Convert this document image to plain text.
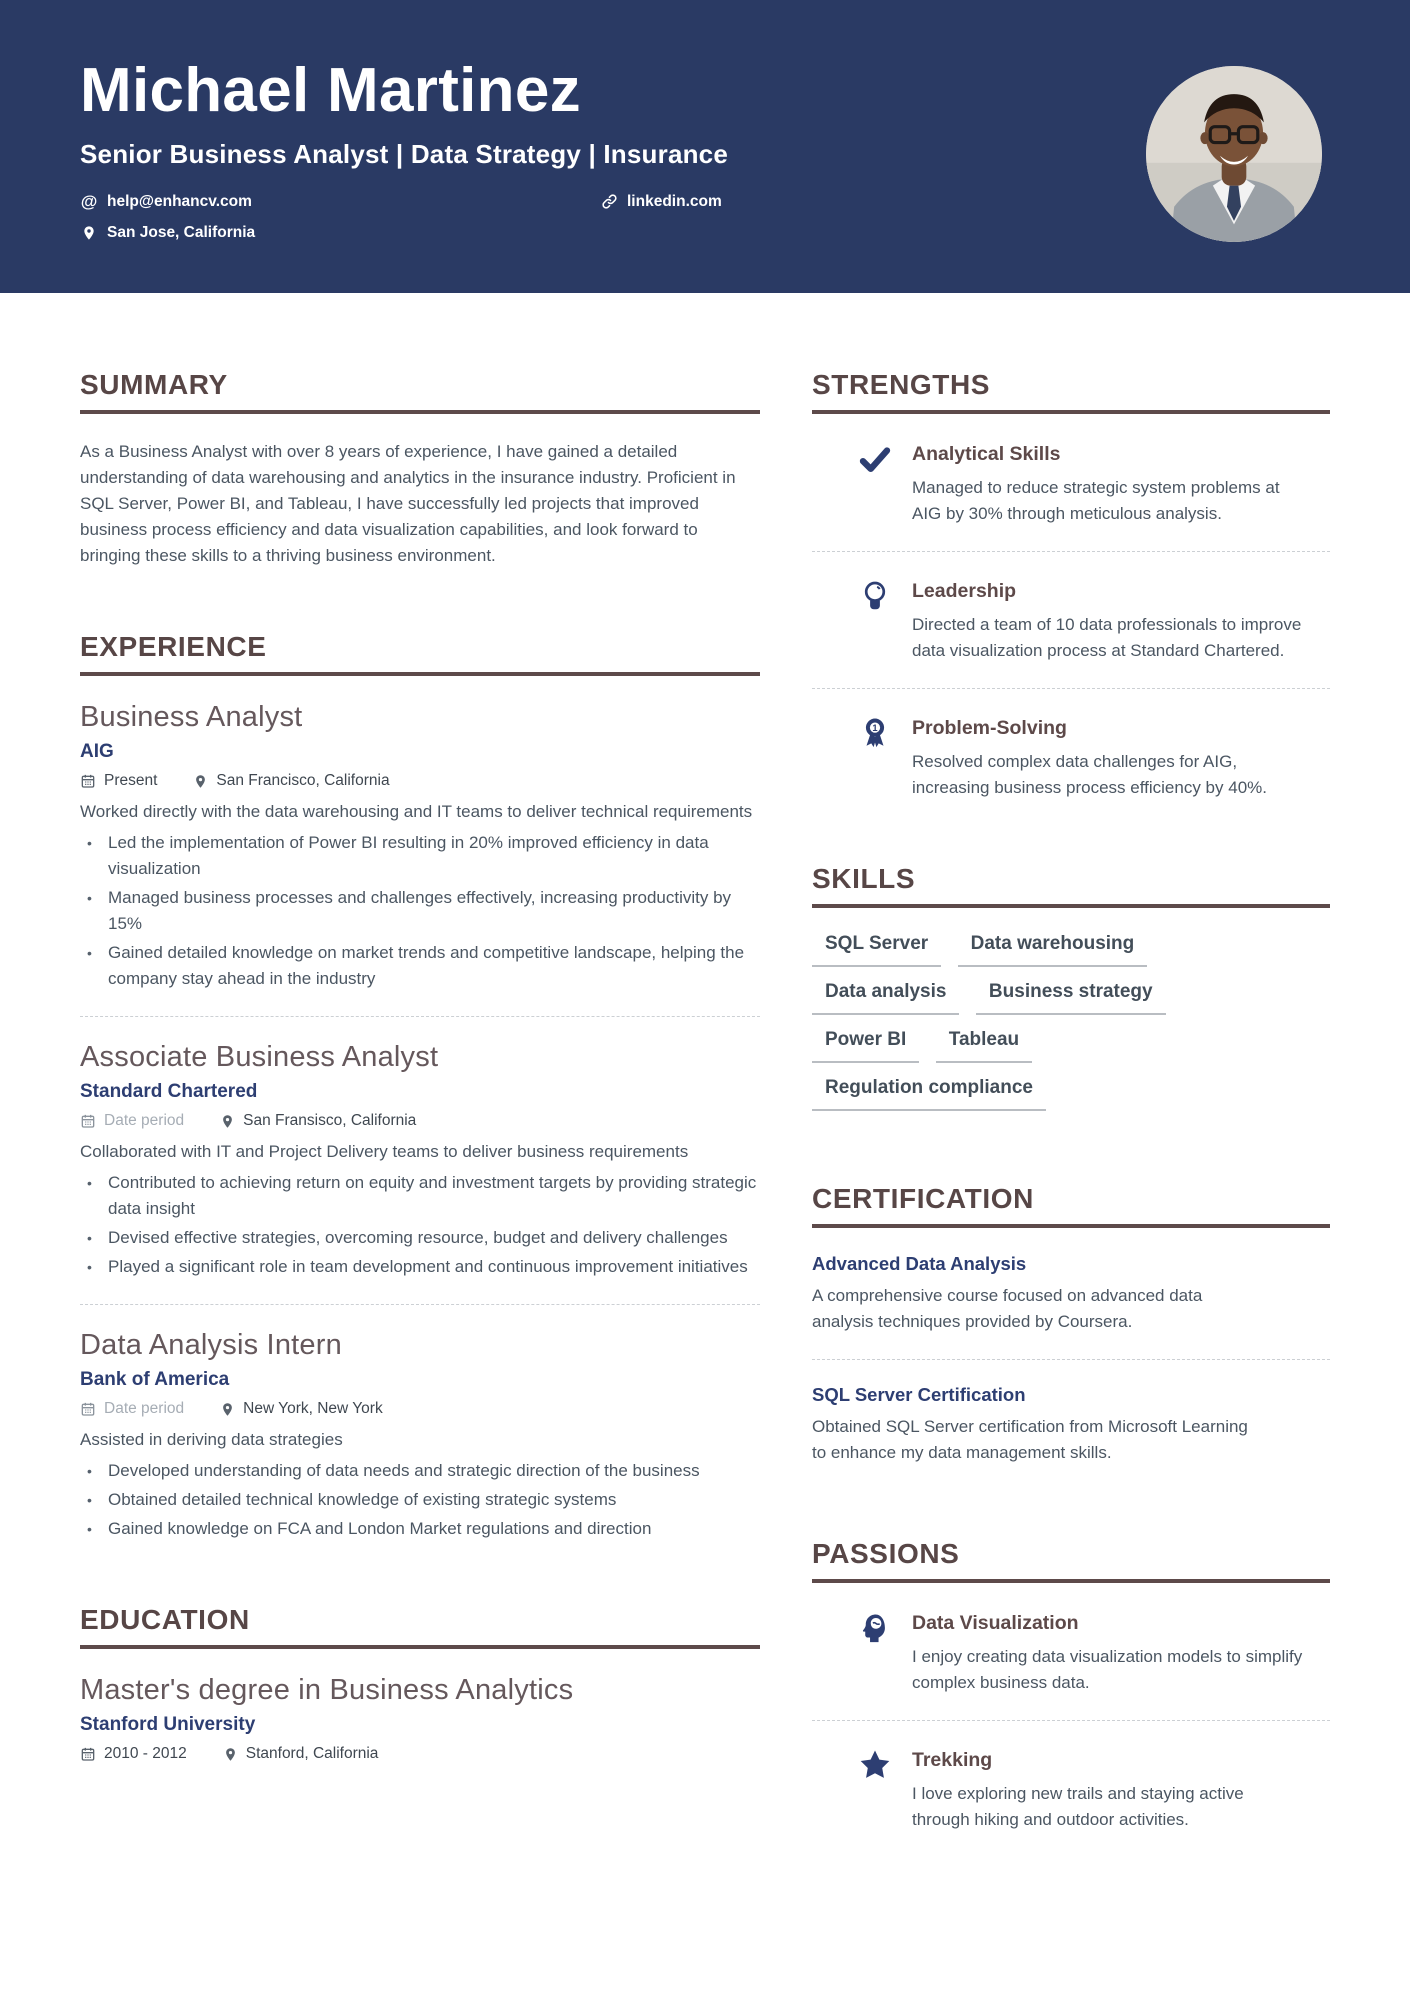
Michael Martinez
Senior Business Analyst | Data Strategy | Insurance
@ help@enhancv.com	linkedin.com
San Jose, California
SUMMARY

As a Business Analyst with over 8 years of experience, I have gained a detailed understanding of data warehousing and analytics in the insurance industry. Proficient in SQL Server, Power BI, and Tableau, I have successfully led projects that improved business process efficiency and data visualization capabilities, and look forward to bringing these skills to a thriving business environment.

EXPERIENCE
Business Analyst
AIG
Present	San Francisco, California

Worked directly with the data warehousing and IT teams to deliver technical requirements

• Led the implementation of Power BI resulting in 20% improved efficiency in data visualization
• Managed business processes and challenges effectively, increasing productivity by 15%
• Gained detailed knowledge on market trends and competitive landscape, helping the company stay ahead in the industry
Associate Business Analyst
Standard Chartered
Date period	San Fransisco, California

Collaborated with IT and Project Delivery teams to deliver business requirements

• Contributed to achieving return on equity and investment targets by providing strategic data insight
• Devised effective strategies, overcoming resource, budget and delivery challenges
• Played a significant role in team development and continuous improvement initiatives
Data Analysis Intern
Bank of America
Date period	New York, New York

Assisted in deriving data strategies

• Developed understanding of data needs and strategic direction of the business
• Obtained detailed technical knowledge of existing strategic systems
• Gained knowledge on FCA and London Market regulations and direction
EDUCATION
Master's degree in Business Analytics
Stanford University
2010 - 2012	Stanford, California
STRENGTHS
Analytical Skills

Managed to reduce strategic system problems at AIG by 30% through meticulous analysis.

Leadership

Directed a team of 10 data professionals to improve data visualization process at Standard Chartered.

1 Problem-Solving

Resolved complex data challenges for AIG, increasing business process efficiency by 40%.

SKILLS
SQL Server Data warehousing
Data analysis Business strategy
Power BI Tableau
Regulation compliance
CERTIFICATION
Advanced Data Analysis

A comprehensive course focused on advanced data analysis techniques provided by Coursera.

SQL Server Certification

Obtained SQL Server certification from Microsoft Learning to enhance my data management skills.

PASSIONS
Data Visualization

I enjoy creating data visualization models to simplify complex business data.

Trekking

I love exploring new trails and staying active through hiking and outdoor activities.
